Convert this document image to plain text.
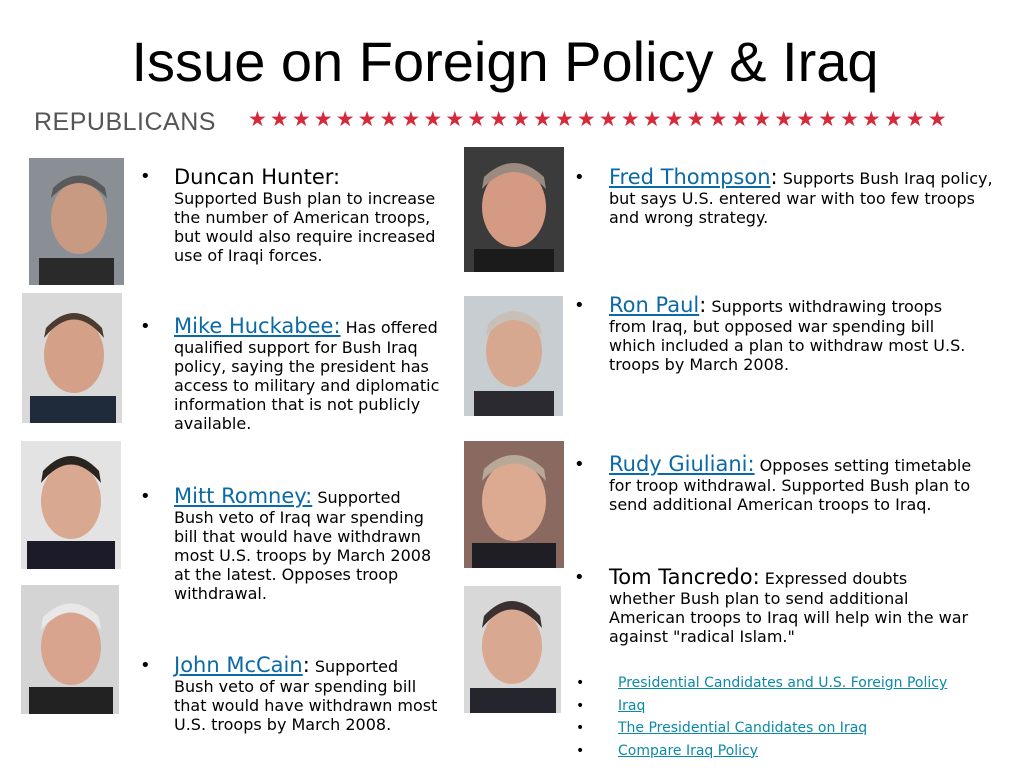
Issue on Foreign Policy & Iraq
REPUBLICANS ★★★★★★★★★★★★★★★★★★★★★★★★★★★★★★★★
• Duncan Hunter:
Supported Bush plan to increase the number of American troops, but would also require increased use of Iraqi forces.
• Mike Huckabee: Has offered qualified support for Bush Iraq policy, saying the president has access to military and diplomatic information that is not publicly available.
• Mitt Romney: Supported Bush veto of Iraq war spending bill that would have withdrawn most U.S. troops by March 2008 at the latest. Opposes troop withdrawal.
• John McCain: Supported Bush veto of war spending bill that would have withdrawn most U.S. troops by March 2008.
• Fred Thompson: Supports Bush Iraq policy, but says U.S. entered war with too few troops and wrong strategy.
• Ron Paul: Supports withdrawing troops from Iraq, but opposed war spending bill which included a plan to withdraw most U.S. troops by March 2008.
• Rudy Giuliani: Opposes setting timetable for troop withdrawal. Supported Bush plan to send additional American troops to Iraq.
• Tom Tancredo: Expressed doubts whether Bush plan to send additional American troops to Iraq will help win the war against "radical Islam."
• Presidential Candidates and U.S. Foreign Policy
• Iraq
• The Presidential Candidates on Iraq
• Compare Iraq Policy
